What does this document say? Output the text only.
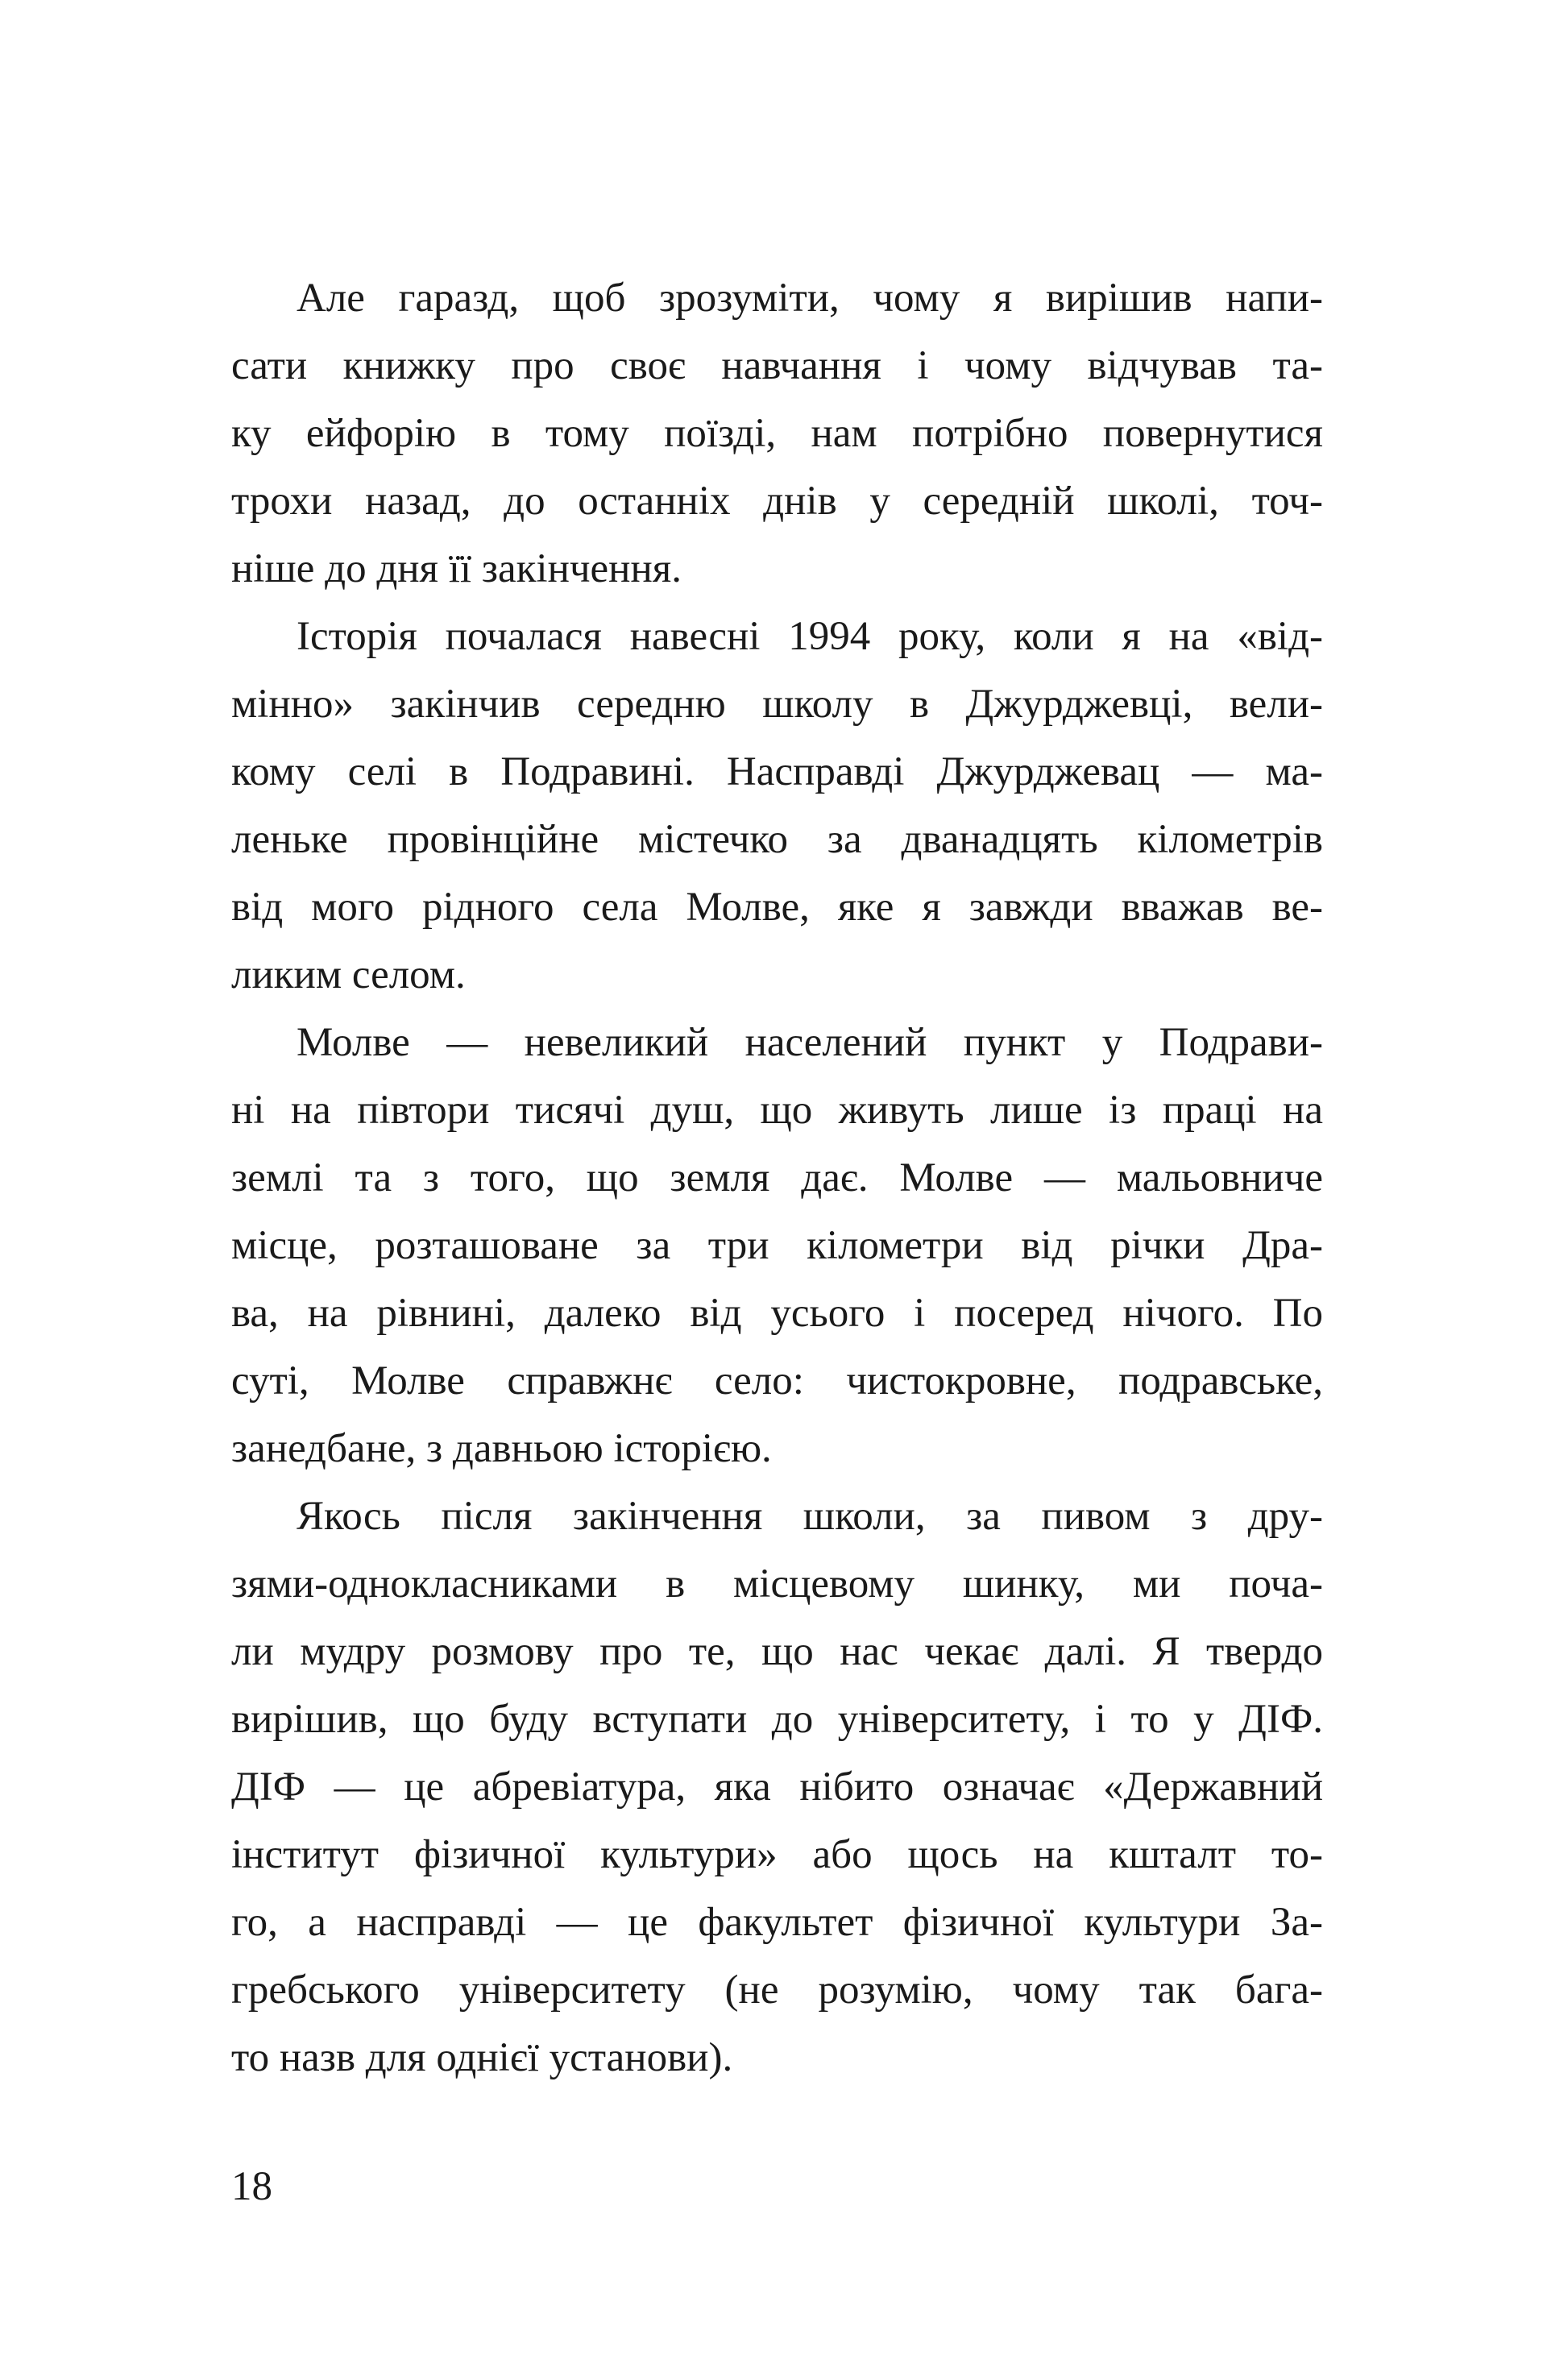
Але гаразд, щоб зрозуміти, чому я вирішив напи-
сати книжку про своє навчання і чому відчував та-
ку ейфорію в тому поїзді, нам потрібно повернутися
трохи назад, до останніх днів у середній школі, точ-
ніше до дня її закінчення.
Історія почалася навесні 1994 року, коли я на «від-
мінно» закінчив середню школу в Джурджевці, вели-
кому селі в Подравині. Насправді Джурджевац — ма-
леньке провінційне містечко за дванадцять кілометрів
від мого рідного села Молве, яке я завжди вважав ве-
ликим селом.
Молве — невеликий населений пункт у Подрави-
ні на півтори тисячі душ, що живуть лише із праці на
землі та з того, що земля дає. Молве — мальовниче
місце, розташоване за три кілометри від річки Дра-
ва, на рівнині, далеко від усього і посеред нічого. По
суті, Молве справжнє село: чистокровне, подравське,
занедбане, з давньою історією.
Якось після закінчення школи, за пивом з дру-
зями-однокласниками в місцевому шинку, ми поча-
ли мудру розмову про те, що нас чекає далі. Я твердо
вирішив, що буду вступати до університету, і то у ДІФ.
ДІФ — це абревіатура, яка нібито означає «Державний
інститут фізичної культури» або щось на кшталт то-
го, а насправді — це факультет фізичної культури За-
гребського університету (не розумію, чому так бага-
то назв для однієї установи).
18
